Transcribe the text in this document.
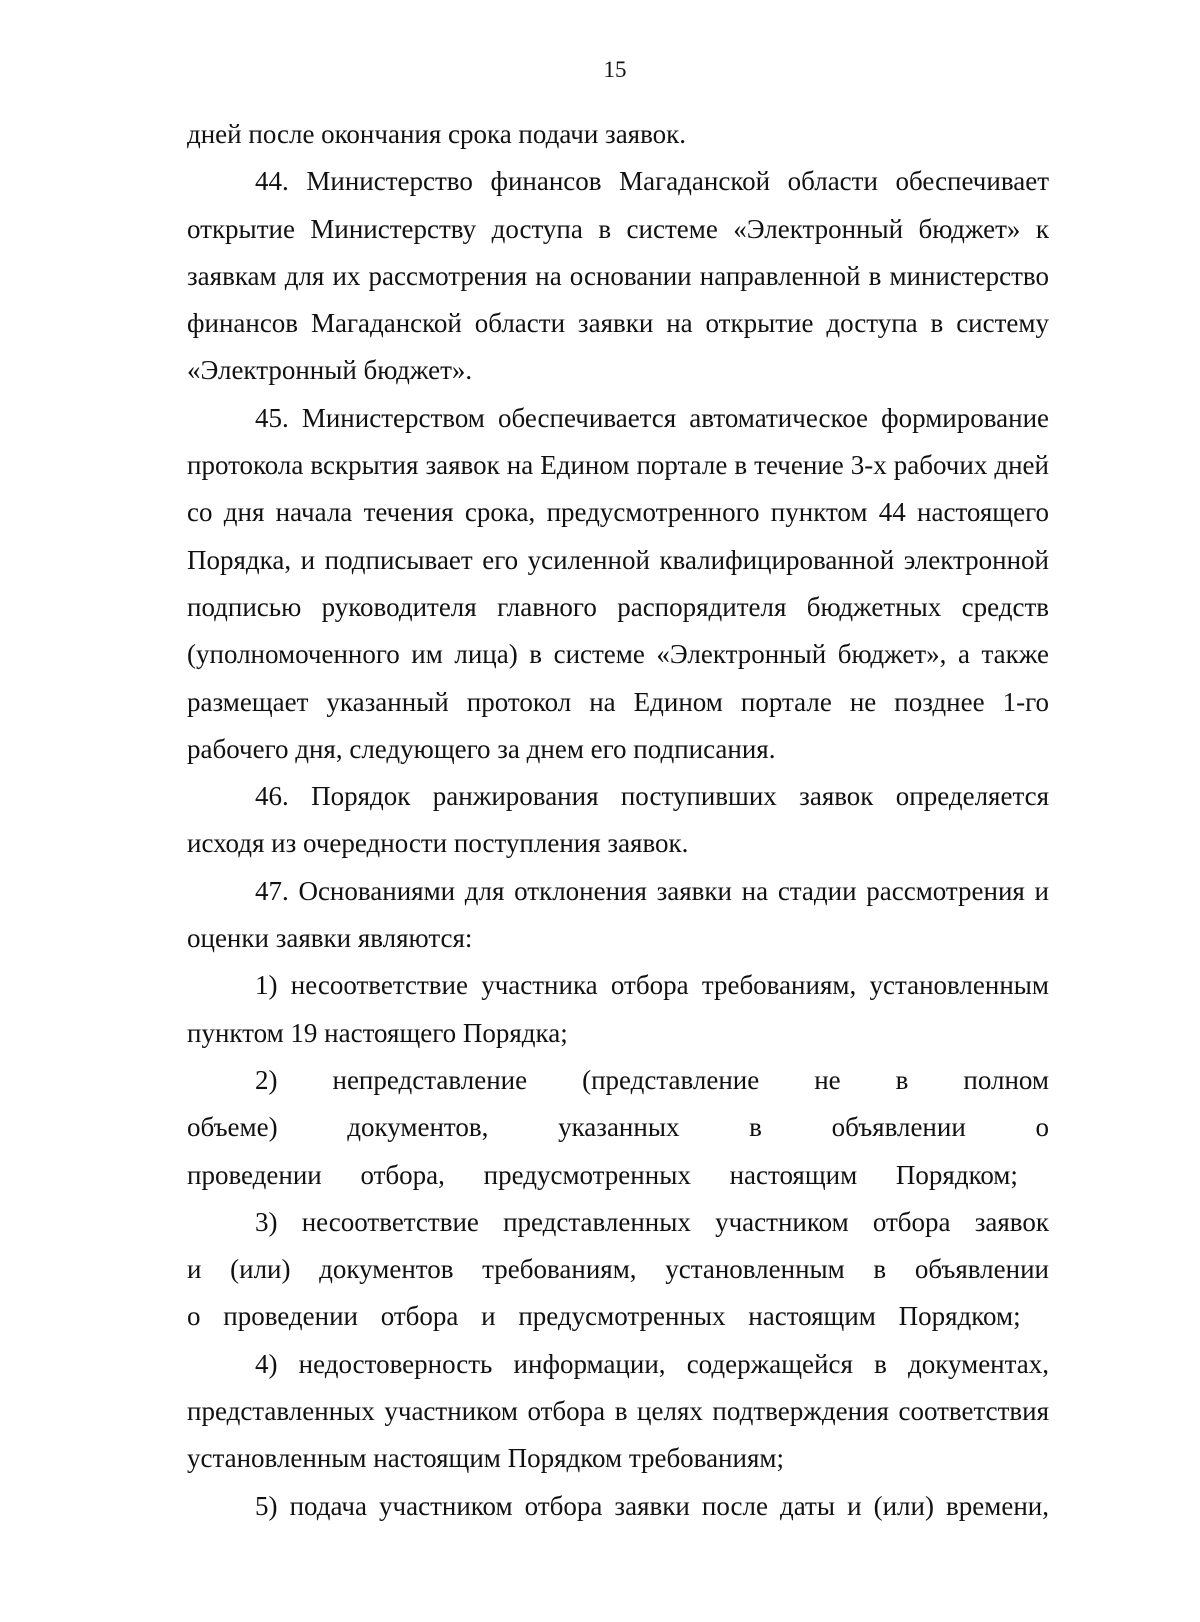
15

дней после окончания срока подачи заявок.

44. Министерство финансов Магаданской области обеспечивает открытие Министерству доступа в системе «Электронный бюджет» к заявкам для их рассмотрения на основании направленной в министерство финансов Магаданской области заявки на открытие доступа в систему «Электронный бюджет».

45. Министерством обеспечивается автоматическое формирование протокола вскрытия заявок на Едином портале в течение 3-х рабочих дней со дня начала течения срока, предусмотренного пунктом 44 настоящего Порядка, и подписывает его усиленной квалифицированной электронной подписью руководителя главного распорядителя бюджетных средств (уполномоченного им лица) в системе «Электронный бюджет», а также размещает указанный протокол на Едином портале не позднее 1-го рабочего дня, следующего за днем его подписания.

46. Порядок ранжирования поступивших заявок определяется исходя из очередности поступления заявок.

47. Основаниями для отклонения заявки на стадии рассмотрения и оценки заявки являются:

1) несоответствие участника отбора требованиям, установленным пунктом 19 настоящего Порядка;

2) непредставление (представление не в полном объеме) документов, указанных в объявлении о проведении отбора, предусмотренных настоящим Порядком;

3) несоответствие представленных участником отбора заявок и (или) документов требованиям, установленным в объявлении о проведении отбора и предусмотренных настоящим Порядком;

4) недостоверность информации, содержащейся в документах, представленных участником отбора в целях подтверждения соответствия установленным настоящим Порядком требованиям;

5) подача участником отбора заявки после даты и (или) времени,
